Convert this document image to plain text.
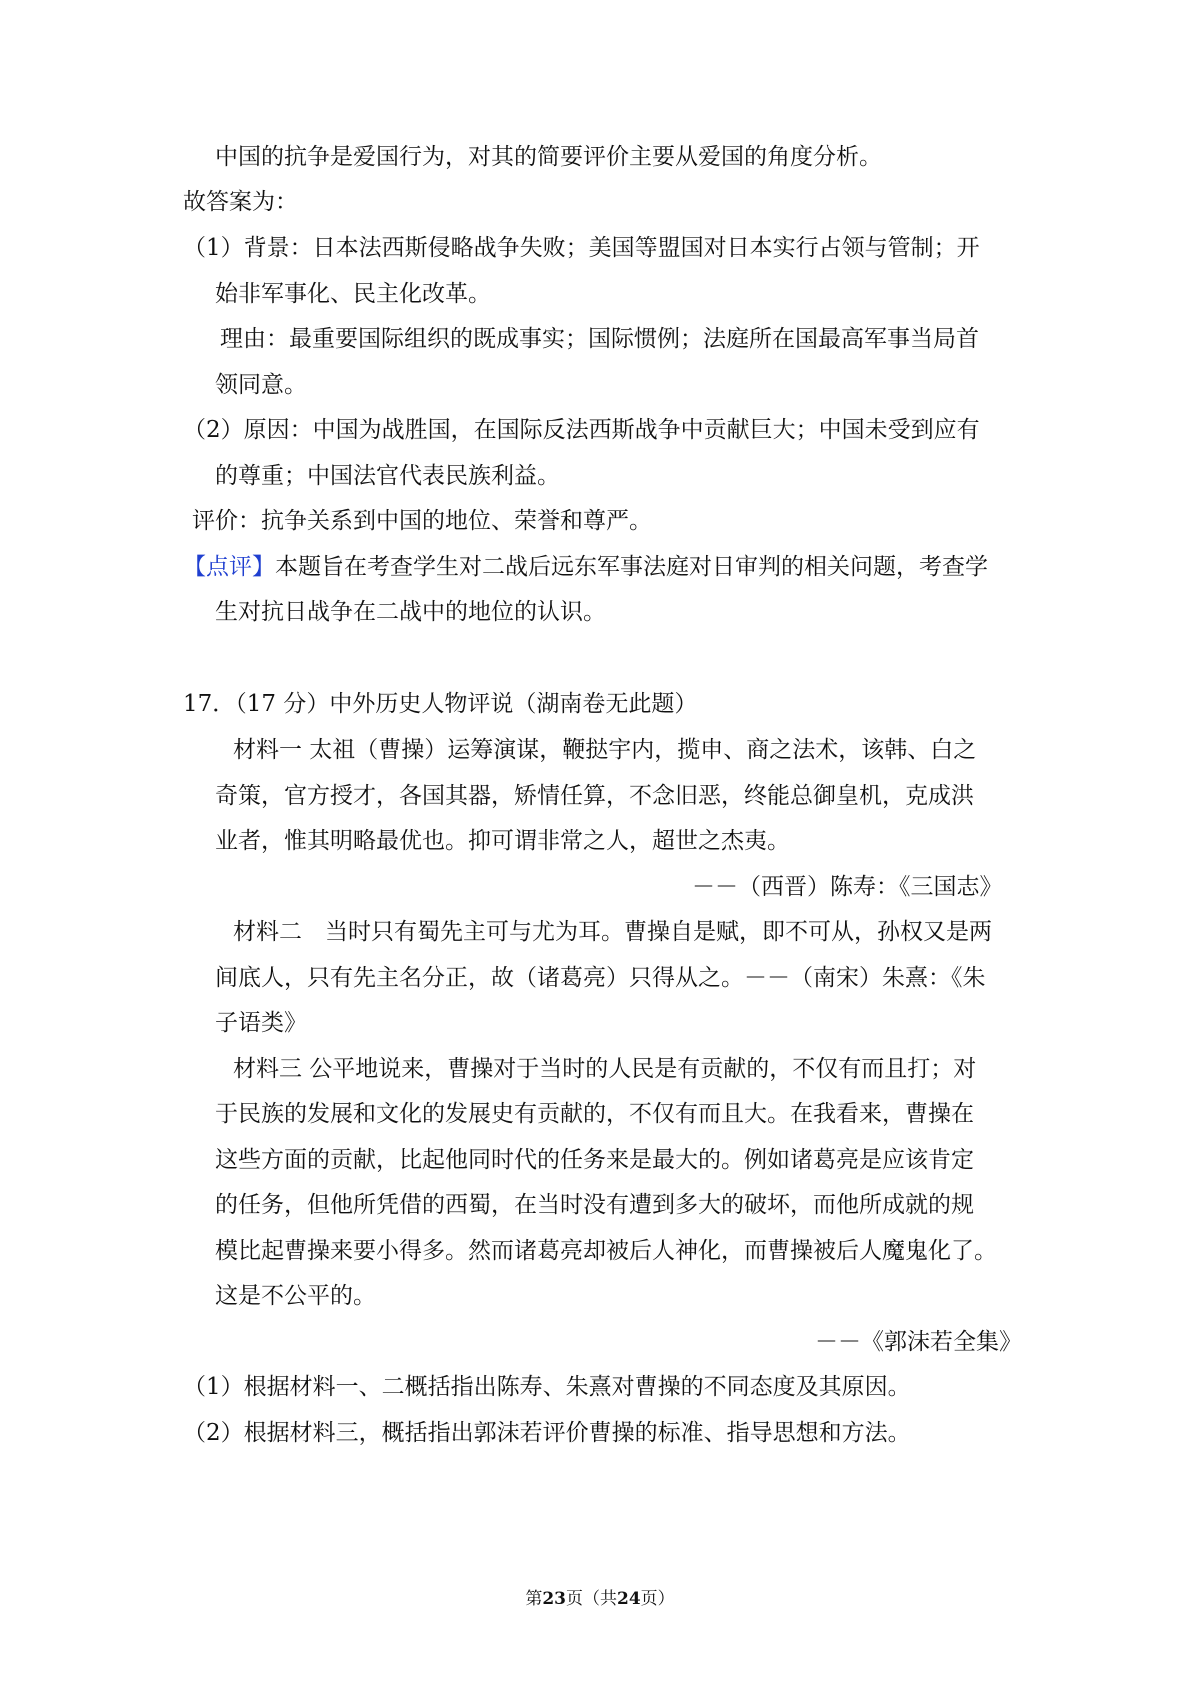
中国的抗争是爱国行为，对其的简要评价主要从爱国的角度分析。
故答案为：
（1）背景：日本法西斯侵略战争失败；美国等盟国对日本实行占领与管制；开
始非军事化、民主化改革。
理由：最重要国际组织的既成事实；国际惯例；法庭所在国最高军事当局首
领同意。
（2）原因：中国为战胜国，在国际反法西斯战争中贡献巨大；中国未受到应有
的尊重；中国法官代表民族利益。
评价：抗争关系到中国的地位、荣誉和尊严。
【点评】本题旨在考查学生对二战后远东军事法庭对日审判的相关问题，考查学
生对抗日战争在二战中的地位的认识。
17．（17 分）中外历史人物评说（湖南卷无此题）
材料一 太祖（曹操）运筹演谋，鞭挞宇内，揽申、商之法术，该韩、白之
奇策，官方授才，各国其器，矫情任算，不念旧恶，终能总御皇机，克成洪
业者，惟其明略最优也。抑可谓非常之人，超世之杰夷。
－－（西晋）陈寿：《三国志》
材料二　当时只有蜀先主可与尤为耳。曹操自是赋，即不可从，孙权又是两
间底人，只有先主名分正，故（诸葛亮）只得从之。－－（南宋）朱熹：《朱
子语类》
材料三 公平地说来，曹操对于当时的人民是有贡献的，不仅有而且打；对
于民族的发展和文化的发展史有贡献的，不仅有而且大。在我看来，曹操在
这些方面的贡献，比起他同时代的任务来是最大的。例如诸葛亮是应该肯定
的任务，但他所凭借的西蜀，在当时没有遭到多大的破坏，而他所成就的规
模比起曹操来要小得多。然而诸葛亮却被后人神化，而曹操被后人魔鬼化了。
这是不公平的。
－－《郭沫若全集》
（1）根据材料一、二概括指出陈寿、朱熹对曹操的不同态度及其原因。
（2）根据材料三，概括指出郭沫若评价曹操的标准、指导思想和方法。
第23页（共24页）
